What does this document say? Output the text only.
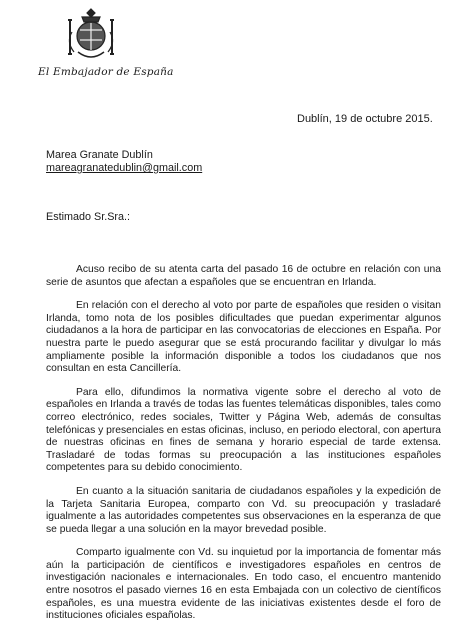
El Embajador de España
Dublín, 19 de octubre 2015.
Marea Granate Dublín
mareagranatedublin@gmail.com
Estimado Sr.Sra.:

Acuso recibo de su atenta carta del pasado 16 de octubre en relación con una serie de asuntos que afectan a españoles que se encuentran en Irlanda.

En relación con el derecho al voto por parte de españoles que residen o visitan Irlanda, tomo nota de los posibles dificultades que puedan experimentar algunos ciudadanos a la hora de participar en las convocatorias de elecciones en España. Por nuestra parte le puedo asegurar que se está procurando facilitar y divulgar lo más ampliamente posible la información disponible a todos los ciudadanos que nos consultan en esta Cancillería.

Para ello, difundimos la normativa vigente sobre el derecho al voto de españoles en Irlanda a través de todas las fuentes telemáticas disponibles, tales como correo electrónico, redes sociales, Twitter y Página Web, además de consultas telefónicas y presenciales en estas oficinas, incluso, en periodo electoral, con apertura de nuestras oficinas en fines de semana y horario especial de tarde extensa. Trasladaré de todas formas su preocupación a las instituciones españoles competentes para su debido conocimiento.

En cuanto a la situación sanitaria de ciudadanos españoles y la expedición de la Tarjeta Sanitaria Europea, comparto con Vd. su preocupación y trasladaré igualmente a las autoridades competentes sus observaciones en la esperanza de que se pueda llegar a una solución en la mayor brevedad posible.

Comparto igualmente con Vd. su inquietud por la importancia de fomentar más aún la participación de científicos e investigadores españoles en centros de investigación nacionales e internacionales. En todo caso, el encuentro mantenido entre nosotros el pasado viernes 16 en esta Embajada con un colectivo de científicos españoles, es una muestra evidente de las iniciativas existentes desde el foro de instituciones oficiales españolas.
